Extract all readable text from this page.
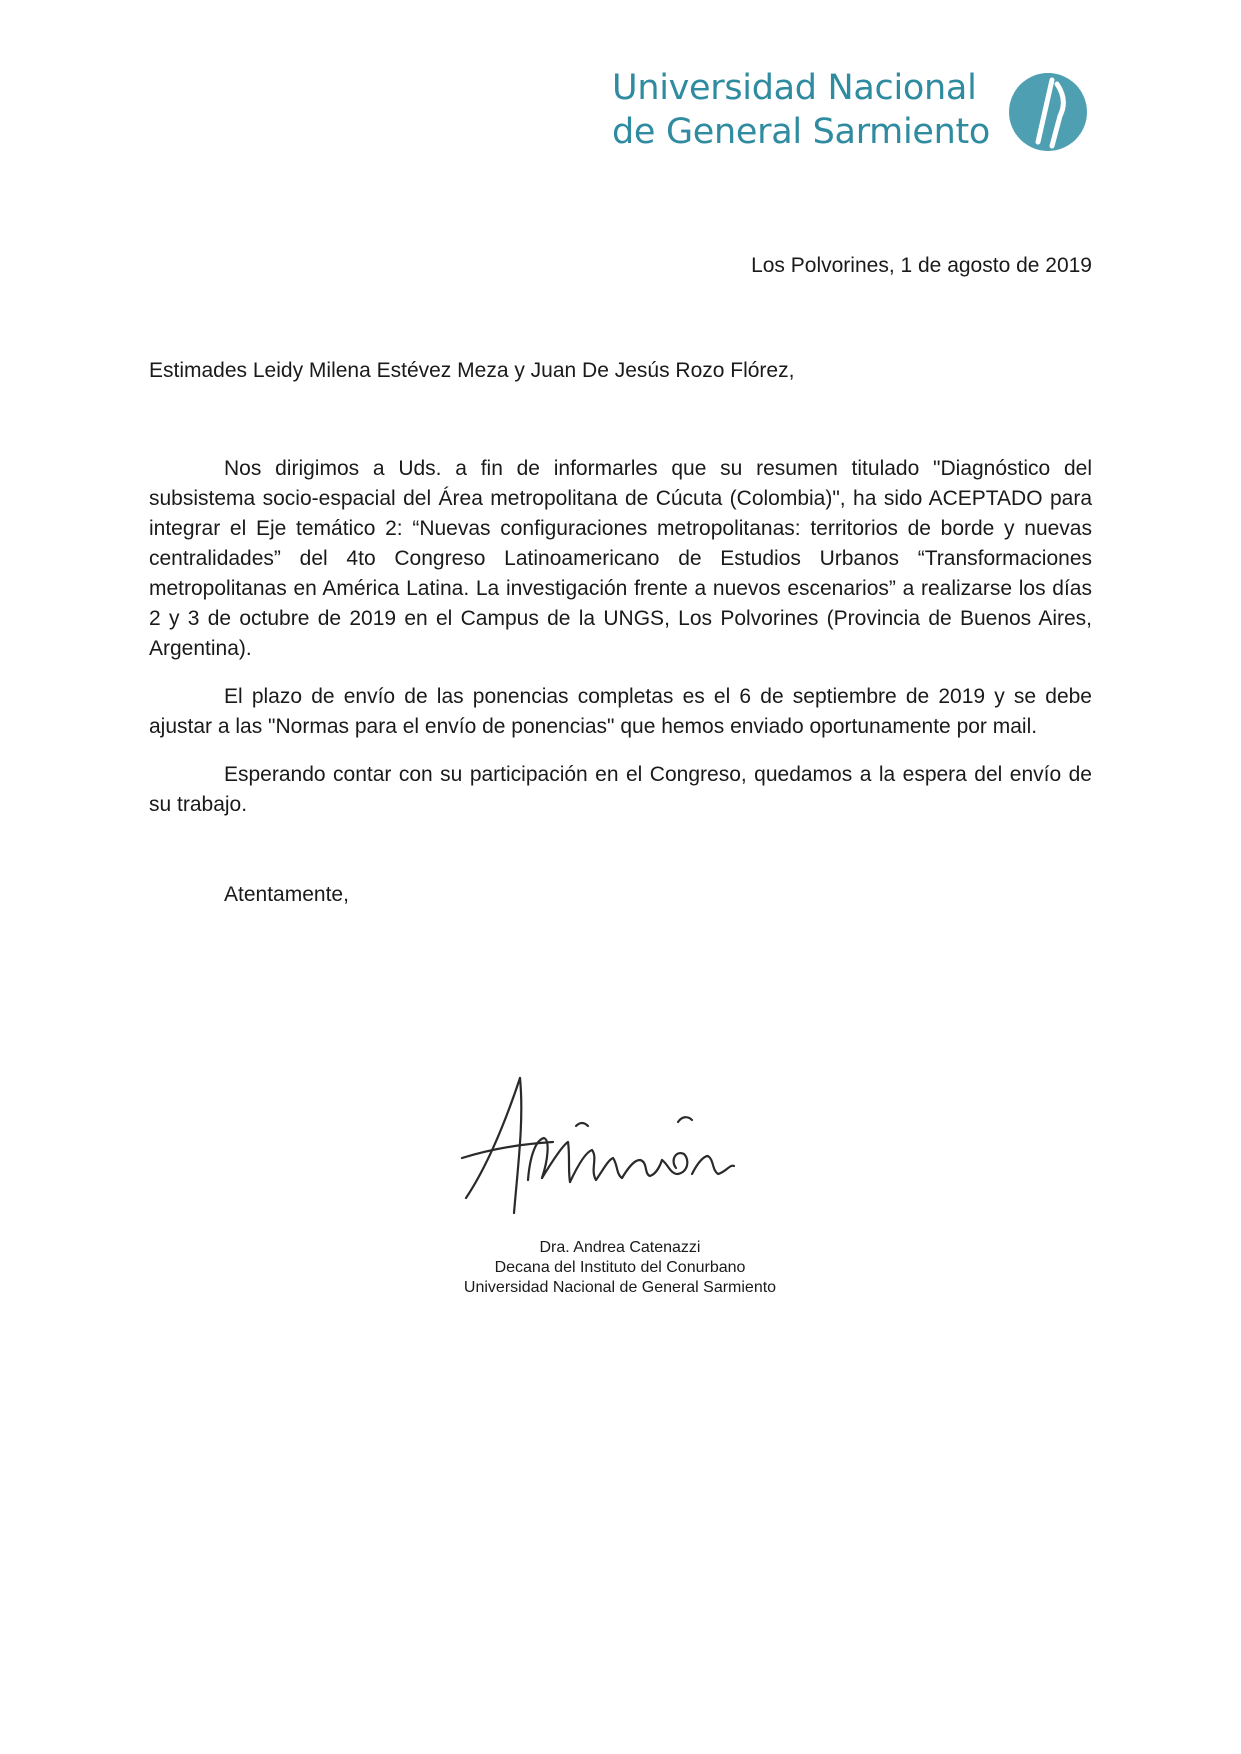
Universidad Nacional
de General Sarmiento
Los Polvorines, 1 de agosto de 2019
Estimades Leidy Milena Estévez Meza y Juan De Jesús Rozo Flórez,

Nos dirigimos a Uds. a fin de informarles que su resumen titulado "Diagnóstico del subsistema socio-espacial del Área metropolitana de Cúcuta (Colombia)", ha sido ACEPTADO para integrar el Eje temático 2: “Nuevas configuraciones metropolitanas: territorios de borde y nuevas centralidades” del 4to Congreso Latinoamericano de Estudios Urbanos “Transformaciones metropolitanas en América Latina. La investigación frente a nuevos escenarios” a realizarse los días 2 y 3 de octubre de 2019 en el Campus de la UNGS, Los Polvorines (Provincia de Buenos Aires, Argentina).

El plazo de envío de las ponencias completas es el 6 de septiembre de 2019 y se debe ajustar a las "Normas para el envío de ponencias" que hemos enviado oportunamente por mail.

Esperando contar con su participación en el Congreso, quedamos a la espera del envío de su trabajo.

Atentamente,
Dra. Andrea Catenazzi
Decana del Instituto del Conurbano
Universidad Nacional de General Sarmiento
